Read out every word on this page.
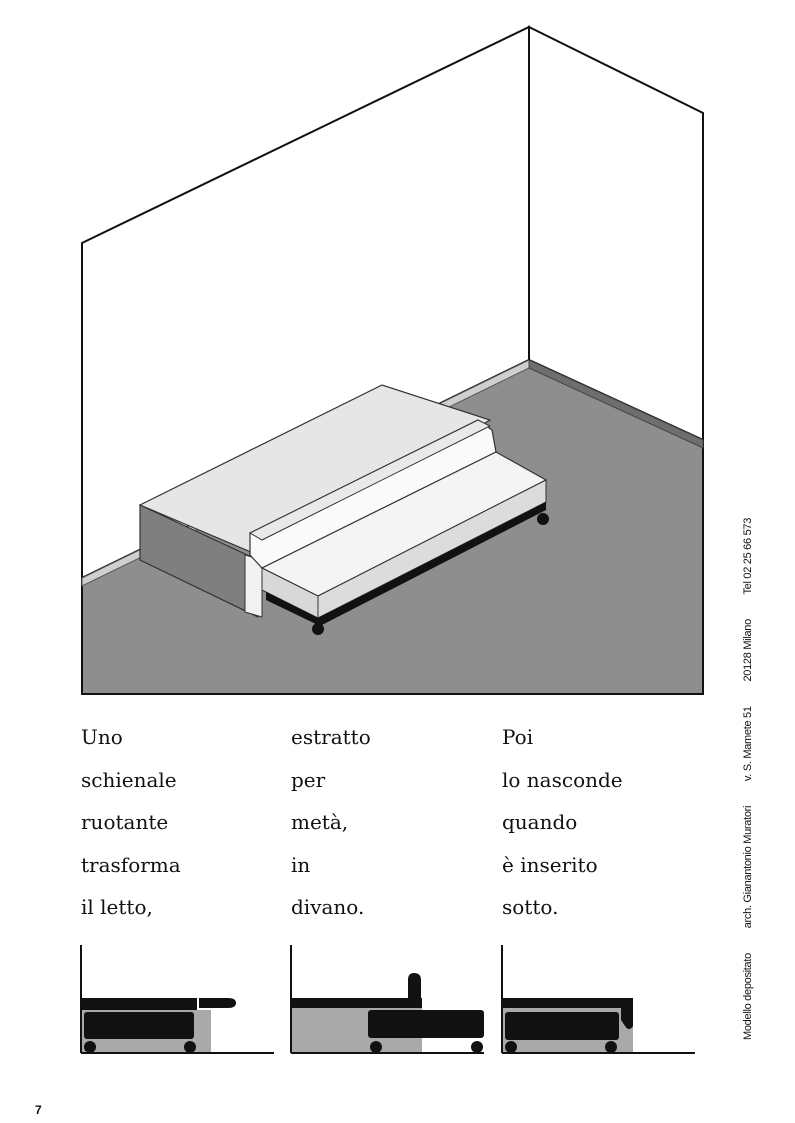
Uno
schienale
ruotante
trasforma
il letto,
estratto
per
metà,
in
divano.
Poi
lo nasconde
quando
è inserito
sotto.
Modello depositato arch. Gianantonio Muratori v. S. Mamete 51 20128 Milano Tel 02 25 66 573
7
